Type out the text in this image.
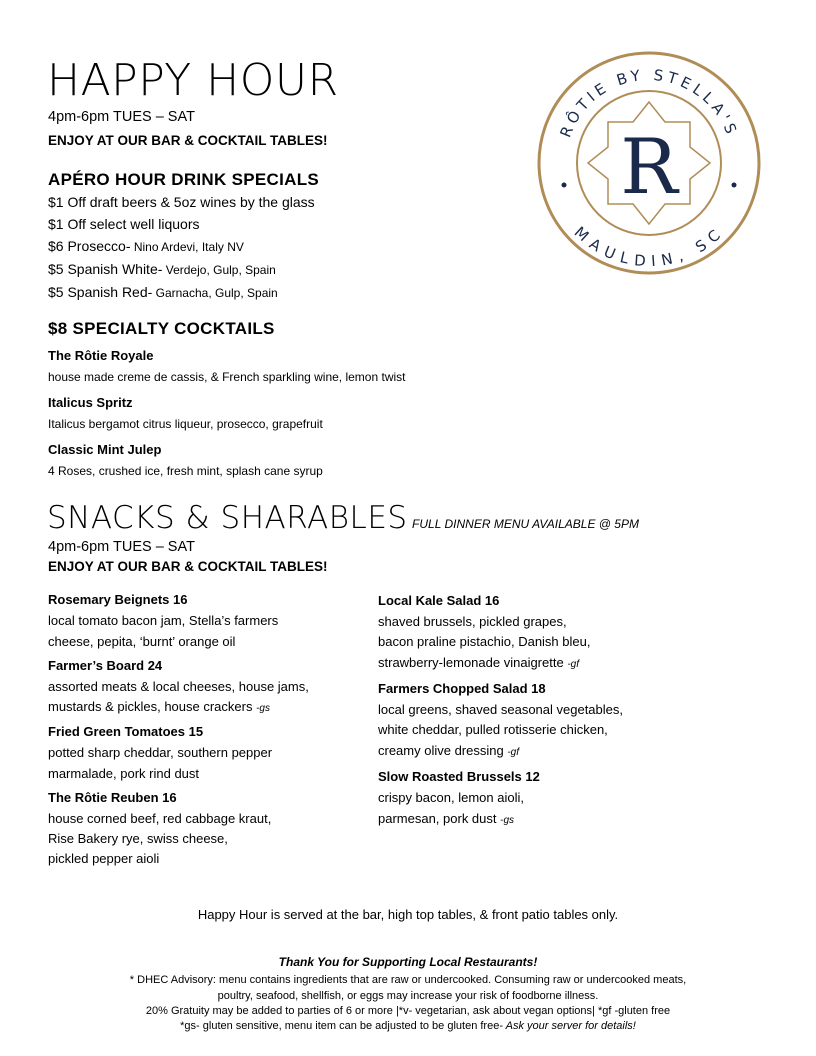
HAPPY HOUR
4pm-6pm TUES – SAT
ENJOY AT OUR BAR & COCKTAIL TABLES!	R
RÔTIE BY STELLA'S
MAULDIN, SC
APÉRO HOUR DRINK SPECIALS
$1 Off draft beers & 5oz wines by the glass
$1 Off select well liquors
$6 Prosecco- Nino Ardevi, Italy NV
$5 Spanish White- Verdejo, Gulp, Spain
$5 Spanish Red- Garnacha, Gulp, Spain
$8 SPECIALTY COCKTAILS
The Rôtie Royale
house made creme de cassis, & French sparkling wine, lemon twist
Italicus Spritz
Italicus bergamot citrus liqueur, prosecco, grapefruit
Classic Mint Julep
4 Roses, crushed ice, fresh mint, splash cane syrup
SNACKS & SHARABLES FULL DINNER MENU AVAILABLE @ 5PM
4pm-6pm TUES – SAT
ENJOY AT OUR BAR & COCKTAIL TABLES!
Rosemary Beignets 16
local tomato bacon jam, Stella’s farmers
cheese, pepita, ‘burnt’ orange oil
Farmer’s Board 24
assorted meats & local cheeses, house jams,
mustards & pickles, house crackers -gs
Fried Green Tomatoes 15
potted sharp cheddar, southern pepper
marmalade, pork rind dust
The Rôtie Reuben 16
house corned beef, red cabbage kraut,
Rise Bakery rye, swiss cheese,
pickled pepper aioli
Local Kale Salad 16
shaved brussels, pickled grapes,
bacon praline pistachio, Danish bleu,
strawberry-lemonade vinaigrette -gf
Farmers Chopped Salad 18
local greens, shaved seasonal vegetables,
white cheddar, pulled rotisserie chicken,
creamy olive dressing -gf
Slow Roasted Brussels 12
crispy bacon, lemon aioli,
parmesan, pork dust -gs
Happy Hour is served at the bar, high top tables, & front patio tables only.
Thank You for Supporting Local Restaurants!
* DHEC Advisory: menu contains ingredients that are raw or undercooked. Consuming raw or undercooked meats,
poultry, seafood, shellfish, or eggs may increase your risk of foodborne illness.
20% Gratuity may be added to parties of 6 or more |*v- vegetarian, ask about vegan options| *gf -gluten free
*gs- gluten sensitive, menu item can be adjusted to be gluten free- Ask your server for details!
